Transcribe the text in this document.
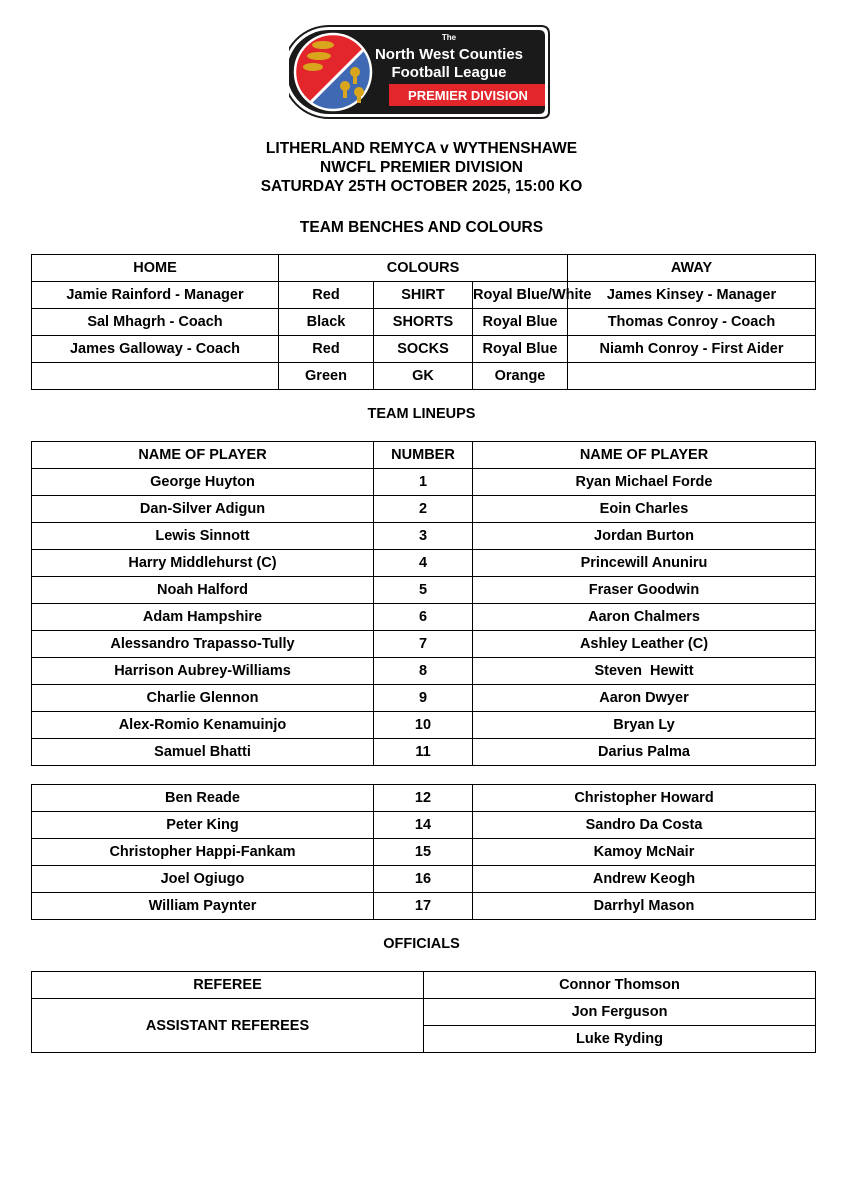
The
North West Counties
Football League
PREMIER DIVISION
LITHERLAND REMYCA v WYTHENSHAWE
NWCFL PREMIER DIVISION
SATURDAY 25TH OCTOBER 2025, 15:00 KO
TEAM BENCHES AND COLOURS
HOME	COLOURS			AWAY
Jamie Rainford - Manager	Red	SHIRT	Royal Blue/White	James Kinsey - Manager
Sal Mhagrh - Coach	Black	SHORTS	Royal Blue	Thomas Conroy - Coach
James Galloway - Coach	Red	SOCKS	Royal Blue	Niamh Conroy - First Aider
	Green	GK	Orange	
TEAM LINEUPS
NAME OF PLAYER	NUMBER	NAME OF PLAYER
George Huyton	1	Ryan Michael Forde
Dan-Silver Adigun	2	Eoin Charles
Lewis Sinnott	3	Jordan Burton
Harry Middlehurst (C)	4	Princewill Anuniru
Noah Halford	5	Fraser Goodwin
Adam Hampshire	6	Aaron Chalmers
Alessandro Trapasso-Tully	7	Ashley Leather (C)
Harrison Aubrey-Williams	8	Steven  Hewitt
Charlie Glennon	9	Aaron Dwyer
Alex-Romio Kenamuinjo	10	Bryan Ly
Samuel Bhatti	11	Darius Palma
Ben Reade	12	Christopher Howard
Peter King	14	Sandro Da Costa
Christopher Happi-Fankam	15	Kamoy McNair
Joel Ogiugo	16	Andrew Keogh
William Paynter	17	Darrhyl Mason
OFFICIALS
REFEREE	Connor Thomson
ASSISTANT REFEREES	Jon Ferguson
	Luke Ryding
